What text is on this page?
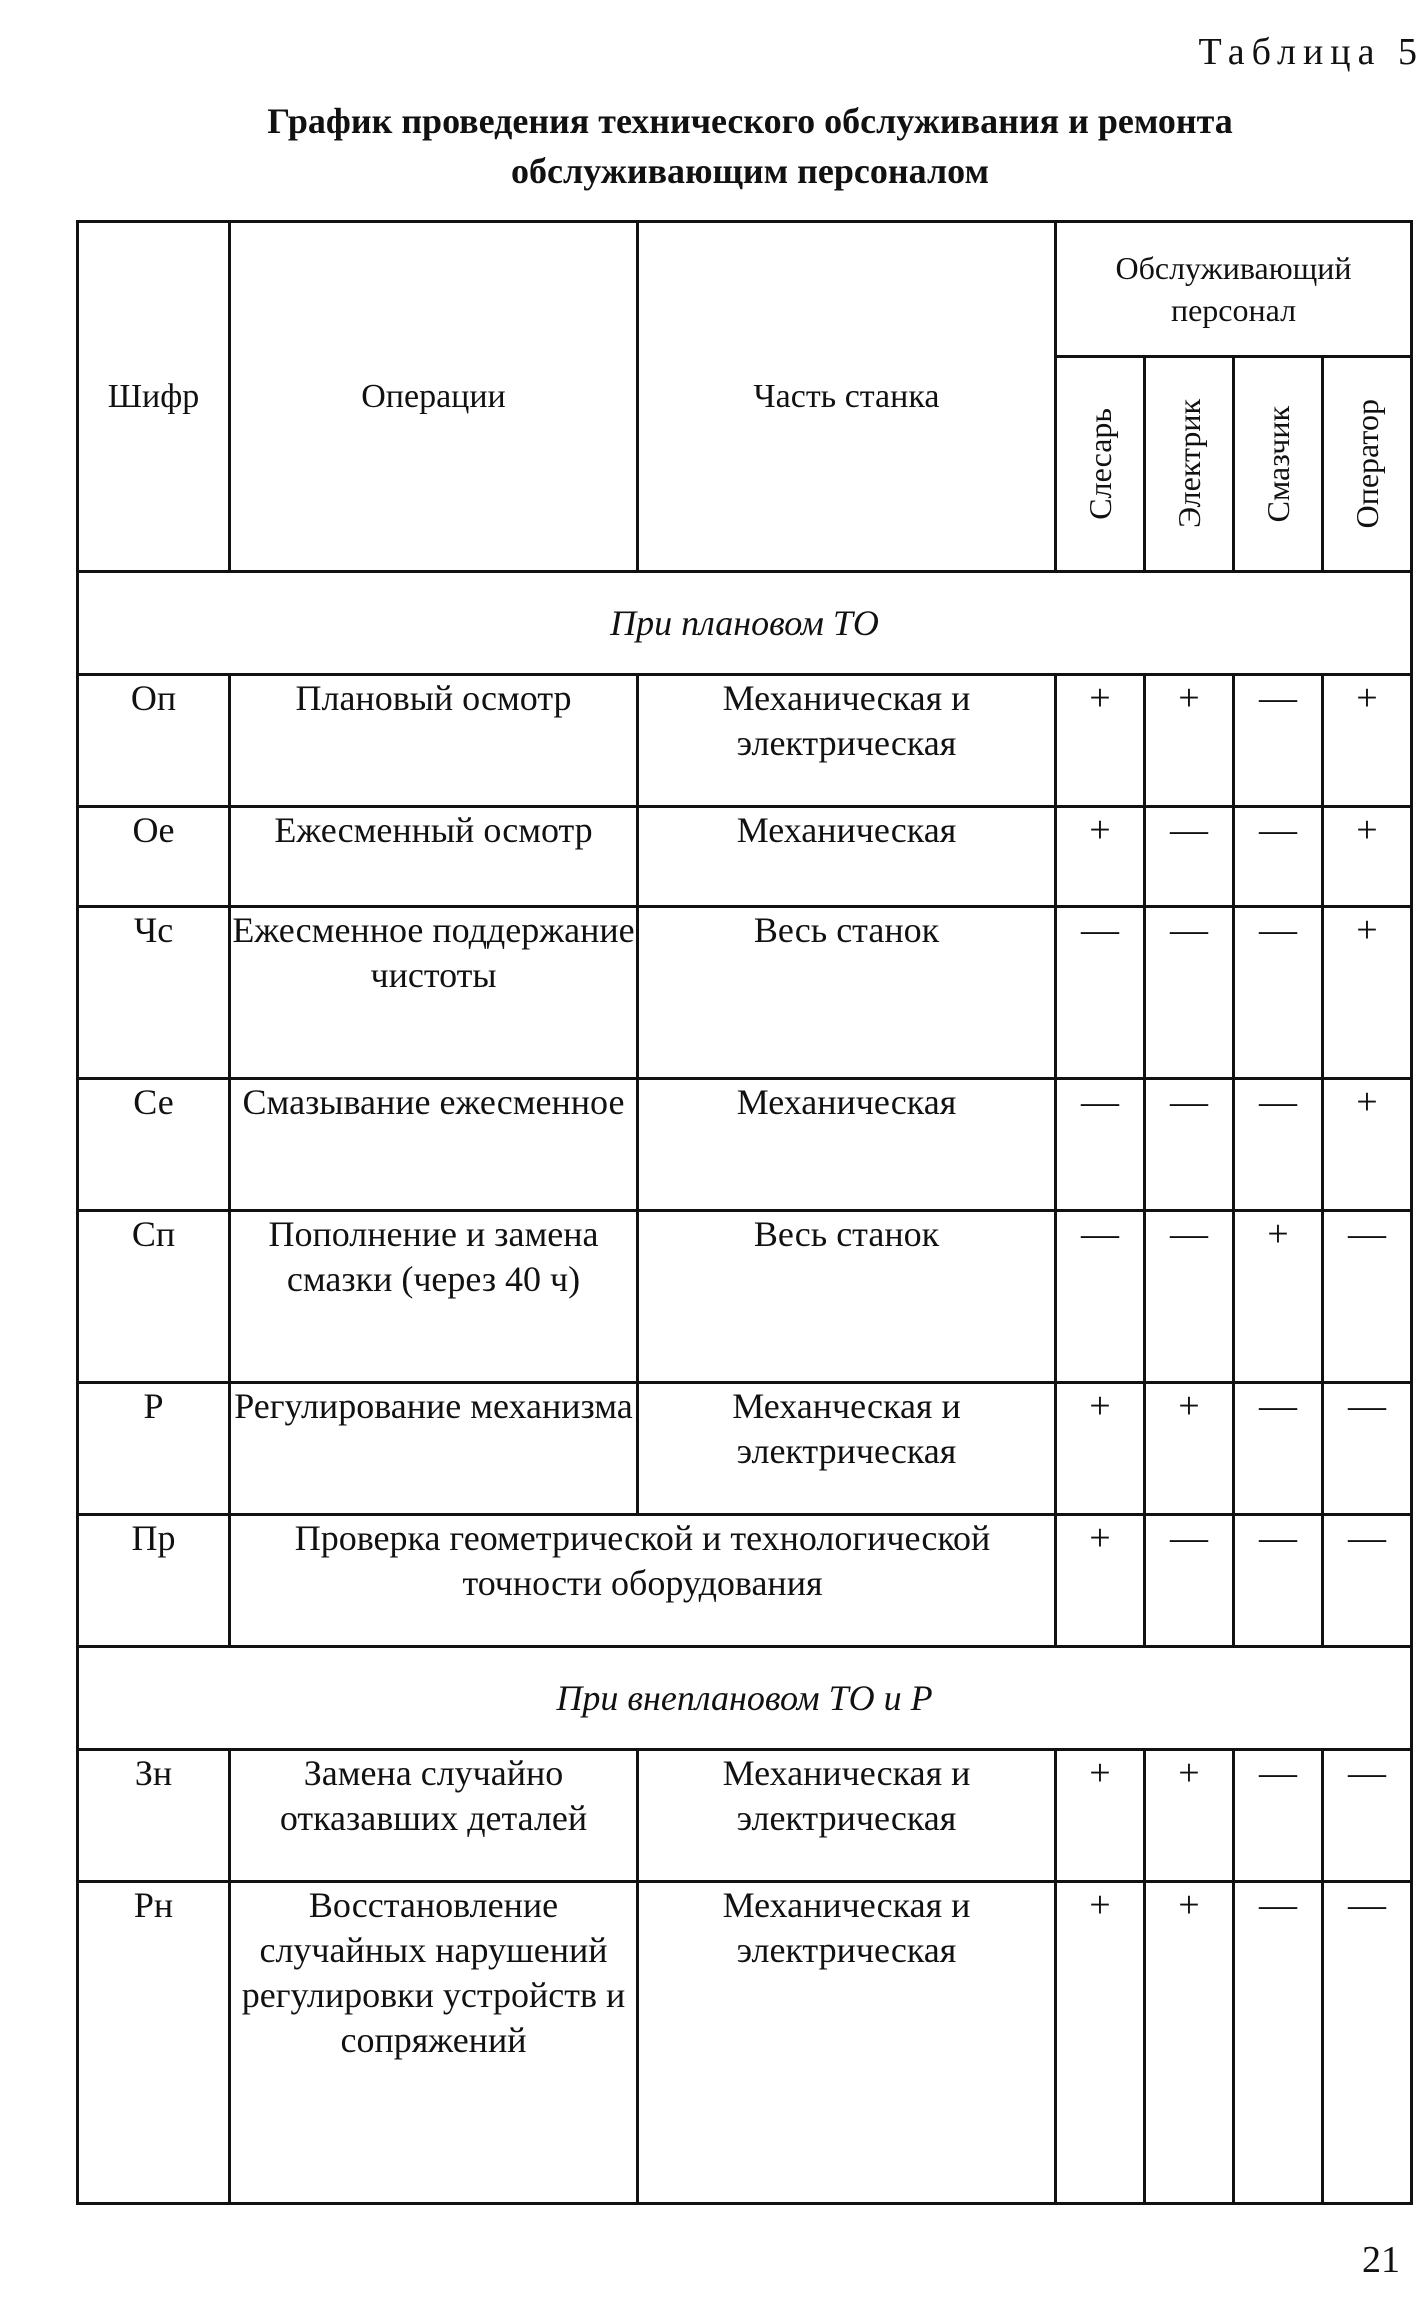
Таблица 5
График проведения технического обслуживания и ремонта
обслуживающим персоналом
Шифр	Операции	Часть станка	Обслуживающий персонал			

			Слесарь	Электрик	Смазчик	Оператор

При плановом ТО						
Оп	Плановый осмотр	Механическая и электрическая	+	+	—	+
Ое	Ежесменный осмотр	Механическая	+	—	—	+
Чс	Ежесменное поддержание чистоты	Весь станок	—	—	—	+
Се	Смазывание ежесменное	Механическая	—	—	—	+
Сп	Пополнение и замена смазки (через 40 ч)	Весь станок	—	—	+	—
Р	Регулирование механизма	Механческая и электрическая	+	+	—	—
Пр	Проверка геометрической и технологической точности оборудования		+	—	—	—
При внеплановом ТО и Р						
Зн	Замена случайно отказавших деталей	Механическая и электрическая	+	+	—	—
Рн	Восстановление случайных нарушений регулировки устройств и сопряжений	Механическая и электрическая	+	+	—	—
21
